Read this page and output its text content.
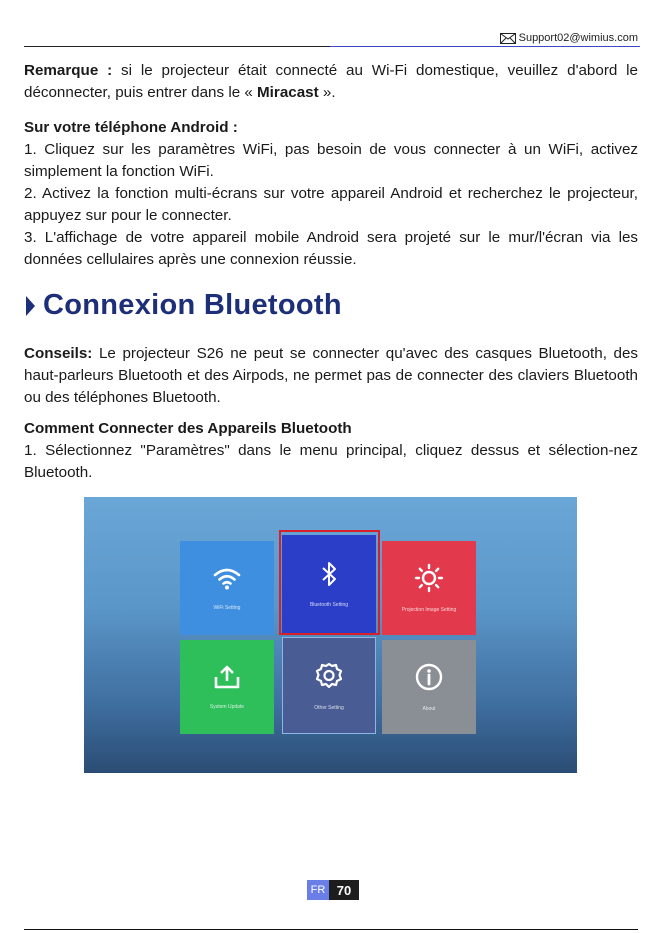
Support02@wimius.com

Remarque : si le projecteur était connecté au Wi-Fi domestique, veuillez d'abord le déconnecter, puis entrer dans le « Miracast ».

Sur votre téléphone Android :

1. Cliquez sur les paramètres WiFi, pas besoin de vous connecter à un WiFi, activez simplement la fonction WiFi.

2. Activez la fonction multi-écrans sur votre appareil Android et recherchez le projecteur, appuyez sur pour le connecter.

3. L'affichage de votre appareil mobile Android sera projeté sur le mur/l'écran via les données cellulaires après une connexion réussie.

Connexion Bluetooth

Conseils: Le projecteur S26 ne peut se connecter qu'avec des casques Bluetooth, des haut-parleurs Bluetooth et des Airpods, ne permet pas de connecter des claviers Bluetooth ou des téléphones Bluetooth.

Comment Connecter des Appareils Bluetooth

1. Sélectionnez "Paramètres" dans le menu principal, cliquez dessus et sélection-nez Bluetooth.

WiFi Setting	Bluetooth Setting
Projection Image Setting
System Update	Other Setting	About
FR 70
